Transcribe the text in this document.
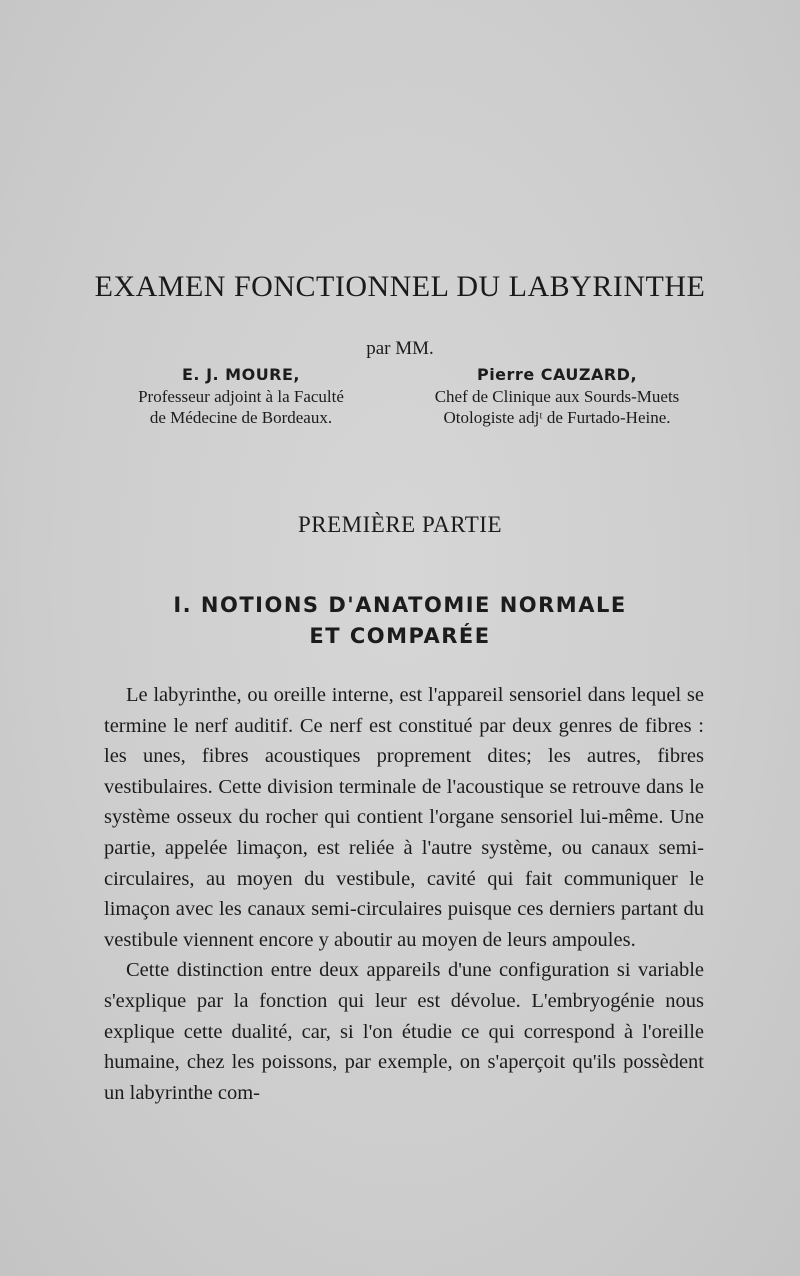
EXAMEN FONCTIONNEL DU LABYRINTHE
par MM.
E. J. MOURE,
Professeur adjoint à la Faculté
de Médecine de Bordeaux.
Pierre CAUZARD,
Chef de Clinique aux Sourds-Muets
Otologiste adjᵗ de Furtado-Heine.
PREMIÈRE PARTIE
I. NOTIONS D'ANATOMIE NORMALE
ET COMPARÉE

Le labyrinthe, ou oreille interne, est l'appareil sensoriel dans lequel se termine le nerf auditif. Ce nerf est constitué par deux genres de fibres : les unes, fibres acoustiques proprement dites; les autres, fibres vestibulaires. Cette division terminale de l'acoustique se retrouve dans le système osseux du rocher qui contient l'organe sensoriel lui-même. Une partie, appelée limaçon, est reliée à l'autre système, ou canaux semi-circulaires, au moyen du vestibule, cavité qui fait communiquer le limaçon avec les canaux semi-circulaires puisque ces derniers partant du vestibule viennent encore y aboutir au moyen de leurs ampoules.

Cette distinction entre deux appareils d'une configuration si variable s'explique par la fonction qui leur est dévolue. L'embryogénie nous explique cette dualité, car, si l'on étudie ce qui correspond à l'oreille humaine, chez les poissons, par exemple, on s'aperçoit qu'ils possèdent un labyrinthe com-
